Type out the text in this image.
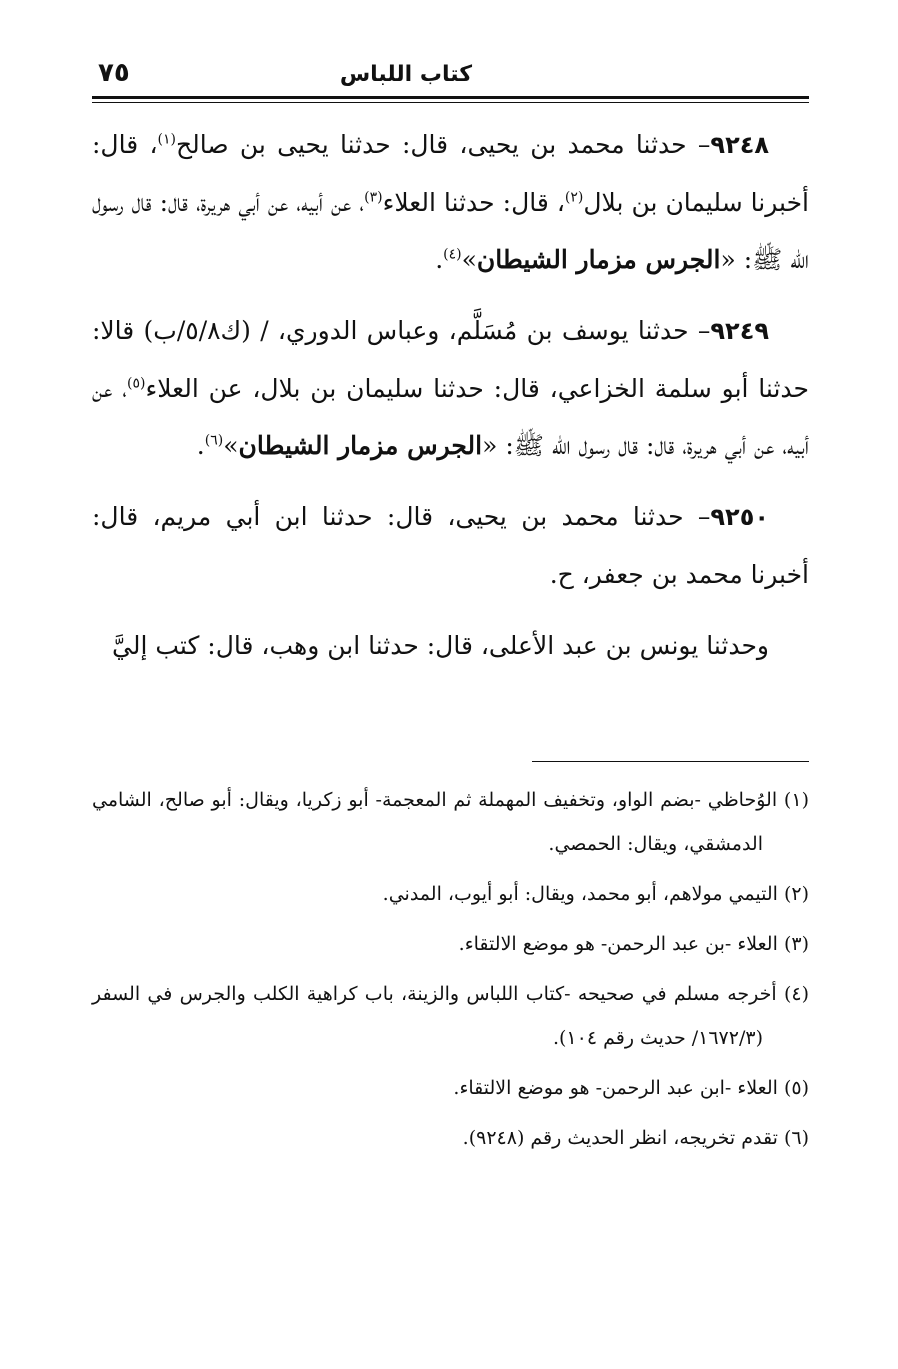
كتاب اللباس
٧٥

٩٢٤٨– حدثنا محمد بن يحيى، قال: حدثنا يحيى بن صالح$^{(١)}$، قال: أخبرنا سليمان بن بلال$^{(٢)}$، قال: حدثنا العلاء$^{(٣)}$، عن أبيه، عن أبي هريرة، قال: قال رسول الله ﷺ: «الجرس مزمار الشيطان»$^{(٤)}$.

٩٢٤٩– حدثنا يوسف بن مُسَلَّم، وعباس الدوري، / (ك٥/٨/ب) قالا: حدثنا أبو سلمة الخزاعي، قال: حدثنا سليمان بن بلال، عن العلاء$^{(٥)}$، عن أبيه، عن أبي هريرة، قال: قال رسول الله ﷺ: «الجرس مزمار الشيطان»$^{(٦)}$.

٩٢٥٠– حدثنا محمد بن يحيى، قال: حدثنا ابن أبي مريم، قال: أخبرنا محمد بن جعفر، ح.

وحدثنا يونس بن عبد الأعلى، قال: حدثنا ابن وهب، قال: كتب إليَّ

(١) الوُحاظي -بضم الواو، وتخفيف المهملة ثم المعجمة- أبو زكريا، ويقال: أبو صالح، الشامي الدمشقي، ويقال: الحمصي.
(٢) التيمي مولاهم، أبو محمد، ويقال: أبو أيوب، المدني.
(٣) العلاء -بن عبد الرحمن- هو موضع الالتقاء.
(٤) أخرجه مسلم في صحيحه -كتاب اللباس والزينة، باب كراهية الكلب والجرس في السفر (١٦٧٢/٣/ حديث رقم ١٠٤).
(٥) العلاء -ابن عبد الرحمن- هو موضع الالتقاء.
(٦) تقدم تخريجه، انظر الحديث رقم (٩٢٤٨).
